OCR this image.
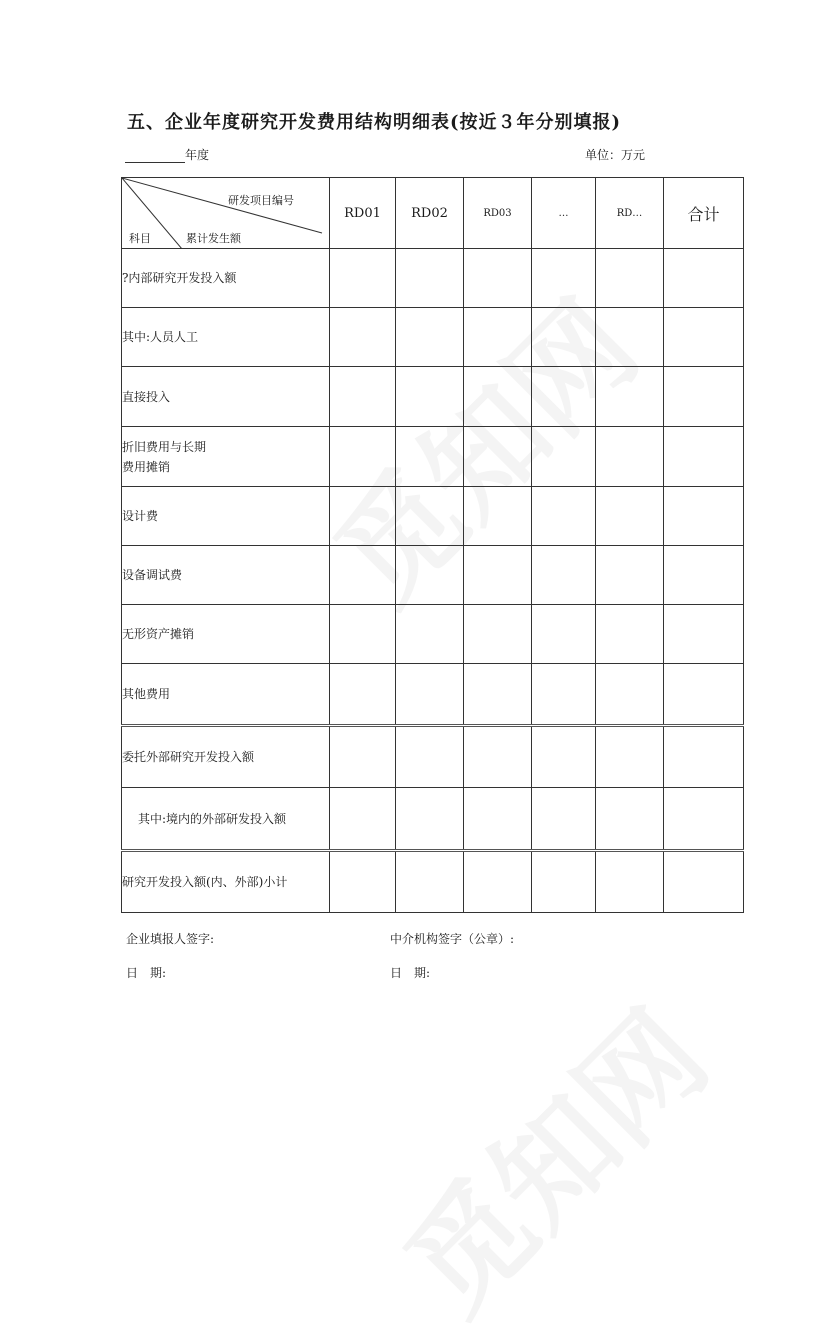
五、企业年度研究开发费用结构明细表(按近３年分别填报)
年度	单位：万元
研发项目编号
累计发生额
科目	RD01	RD02	RD03	…	RD…	合计
?内部研究开发投入额						
其中:人员人工						
直接投入						
折旧费用与长期
费用摊销						
设计费						
设备调试费						
无形资产摊销						
其他费用						
委托外部研究开发投入额						
其中:境内的外部研发投入额						
研究开发投入额(内、外部)小计						
企业填报人签字:	中介机构签字（公章）:
日　期:	日　期:
